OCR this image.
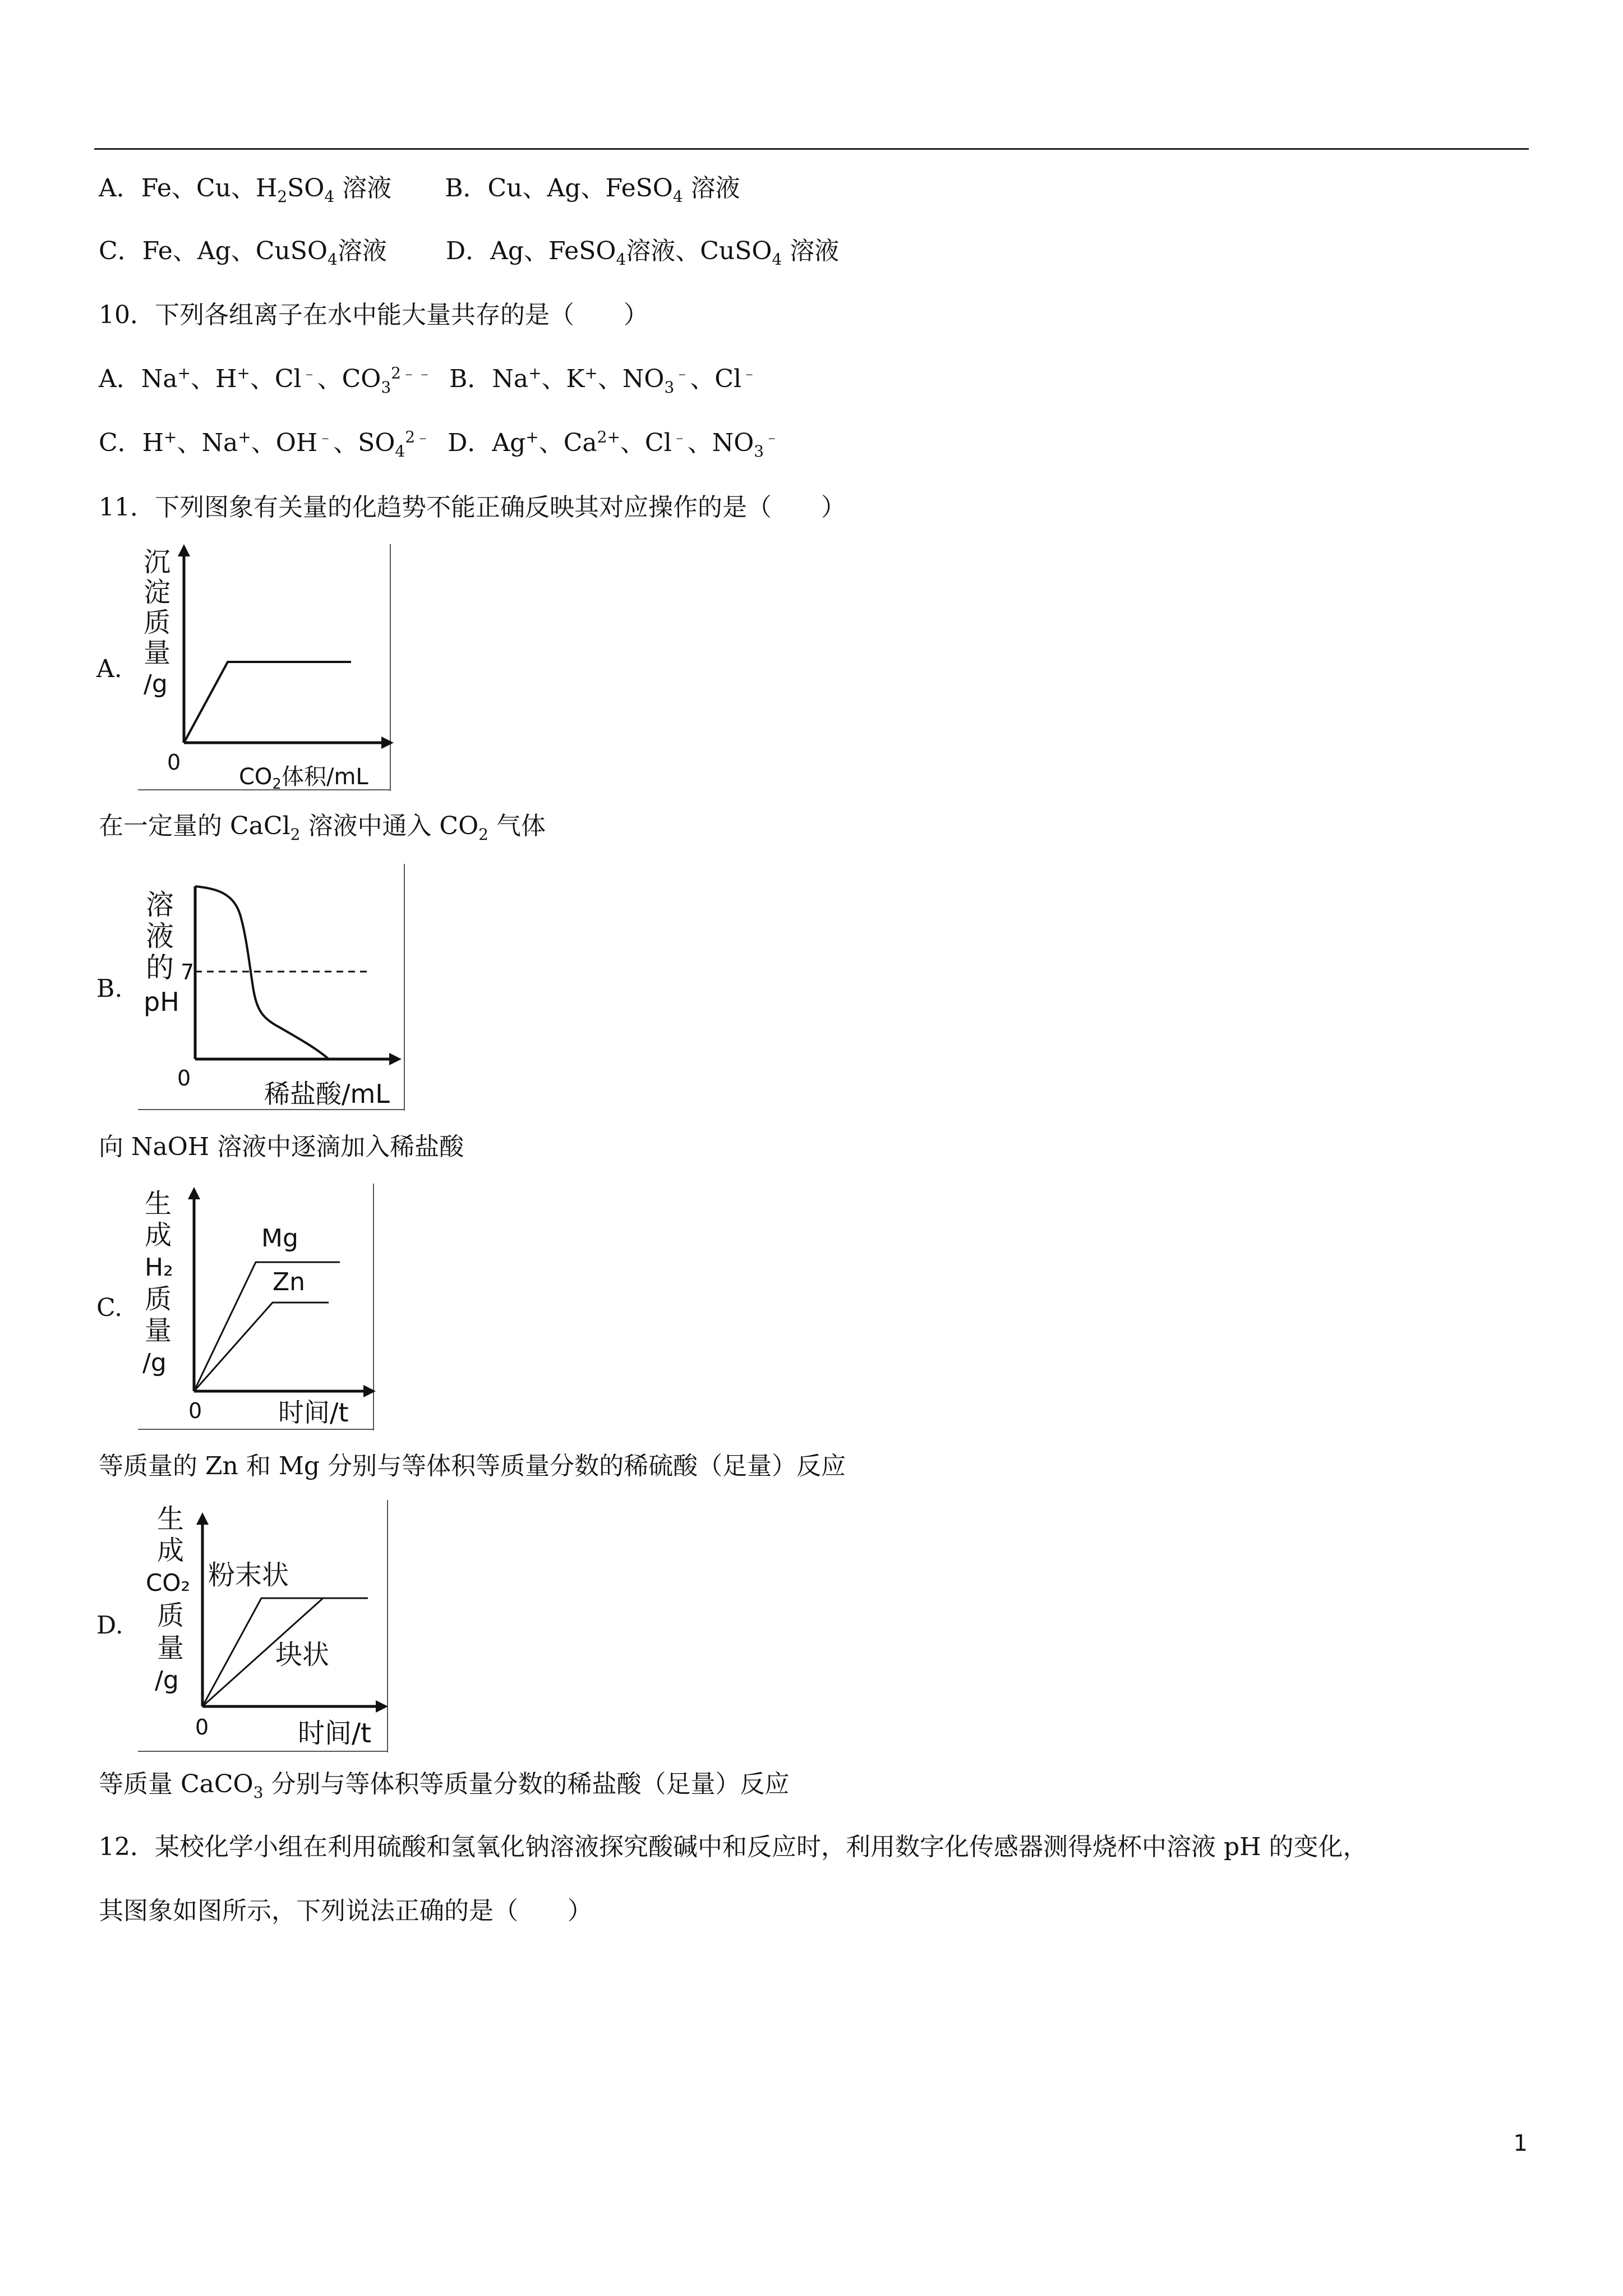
A．Fe、Cu、$H_2SO_4$ 溶液 B．Cu、Ag、FeSO$_4$ 溶液
C．Fe、Ag、CuSO$_4$溶液 D．Ag、FeSO$_4$溶液、CuSO$_4$ 溶液
10．下列各组离子在水中能大量共存的是（　　）
A．Na+、H+、Cl﹣、$CO_3^{2﹣﹣}$ B．Na+、K+、$NO_3^﹣$、Cl﹣
C．H+、Na+、OH﹣、$SO_4^{2﹣}$ D．Ag+、$Ca^{2+}$、Cl﹣、$NO_3^﹣$
11．下列图象有关量的化趋势不能正确反映其对应操作的是（　　）
A.
沉
淀
质
量
/g
0
$CO_2$体积/mL
在一定量的 CaCl$_2$ 溶液中通入 $CO_2$ 气体
B.
溶
液
的
pH
7
0
稀盐酸/mL
向 NaOH 溶液中逐滴加入稀盐酸
C.
Mg
Zn
生
成
H₂
质
量
/g
0	时间/t
等质量的 Zn 和 Mg 分别与等体积等质量分数的稀硫酸（足量）反应
D.
粉末状
块状
生
成
CO₂
质
量
/g
0	时间/t
等质量 CaCO$_3$ 分别与等体积等质量分数的稀盐酸（足量）反应
12．某校化学小组在利用硫酸和氢氧化钠溶液探究酸碱中和反应时，利用数字化传感器测得烧杯中溶液 pH 的变化，
其图象如图所示，下列说法正确的是（　　）
1
